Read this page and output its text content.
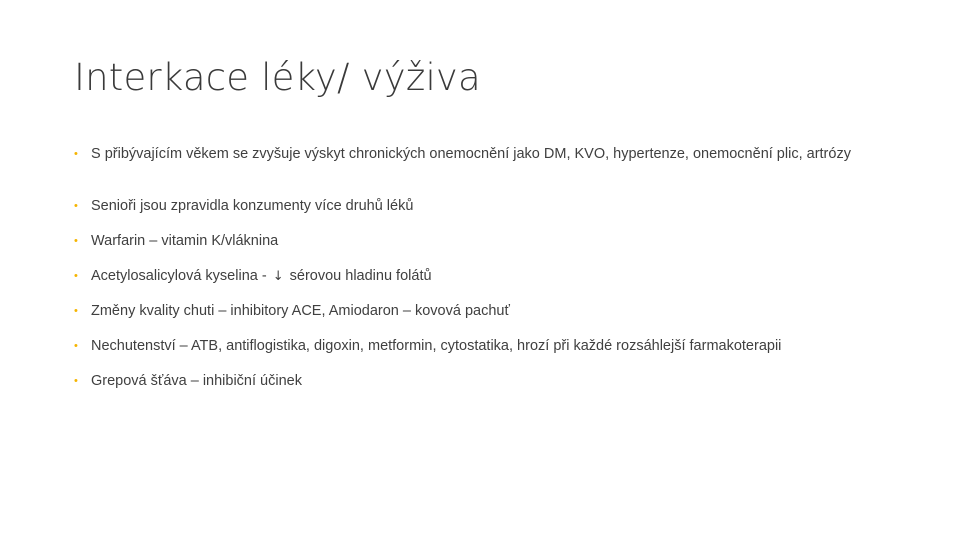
Interkace léky/ výživa
• S přibývajícím věkem se zvyšuje výskyt chronických onemocnění jako DM, KVO, hypertenze, onemocnění plic, artrózy
• Senioři jsou zpravidla konzumenty více druhů léků
• Warfarin – vitamin K/vláknina
• Acetylosalicylová kyselina - ↓ sérovou hladinu folátů
• Změny kvality chuti – inhibitory ACE, Amiodaron – kovová pachuť
• Nechutenství – ATB, antiflogistika, digoxin, metformin, cytostatika, hrozí při každé rozsáhlejší farmakoterapii
• Grepová šťáva – inhibiční účinek
